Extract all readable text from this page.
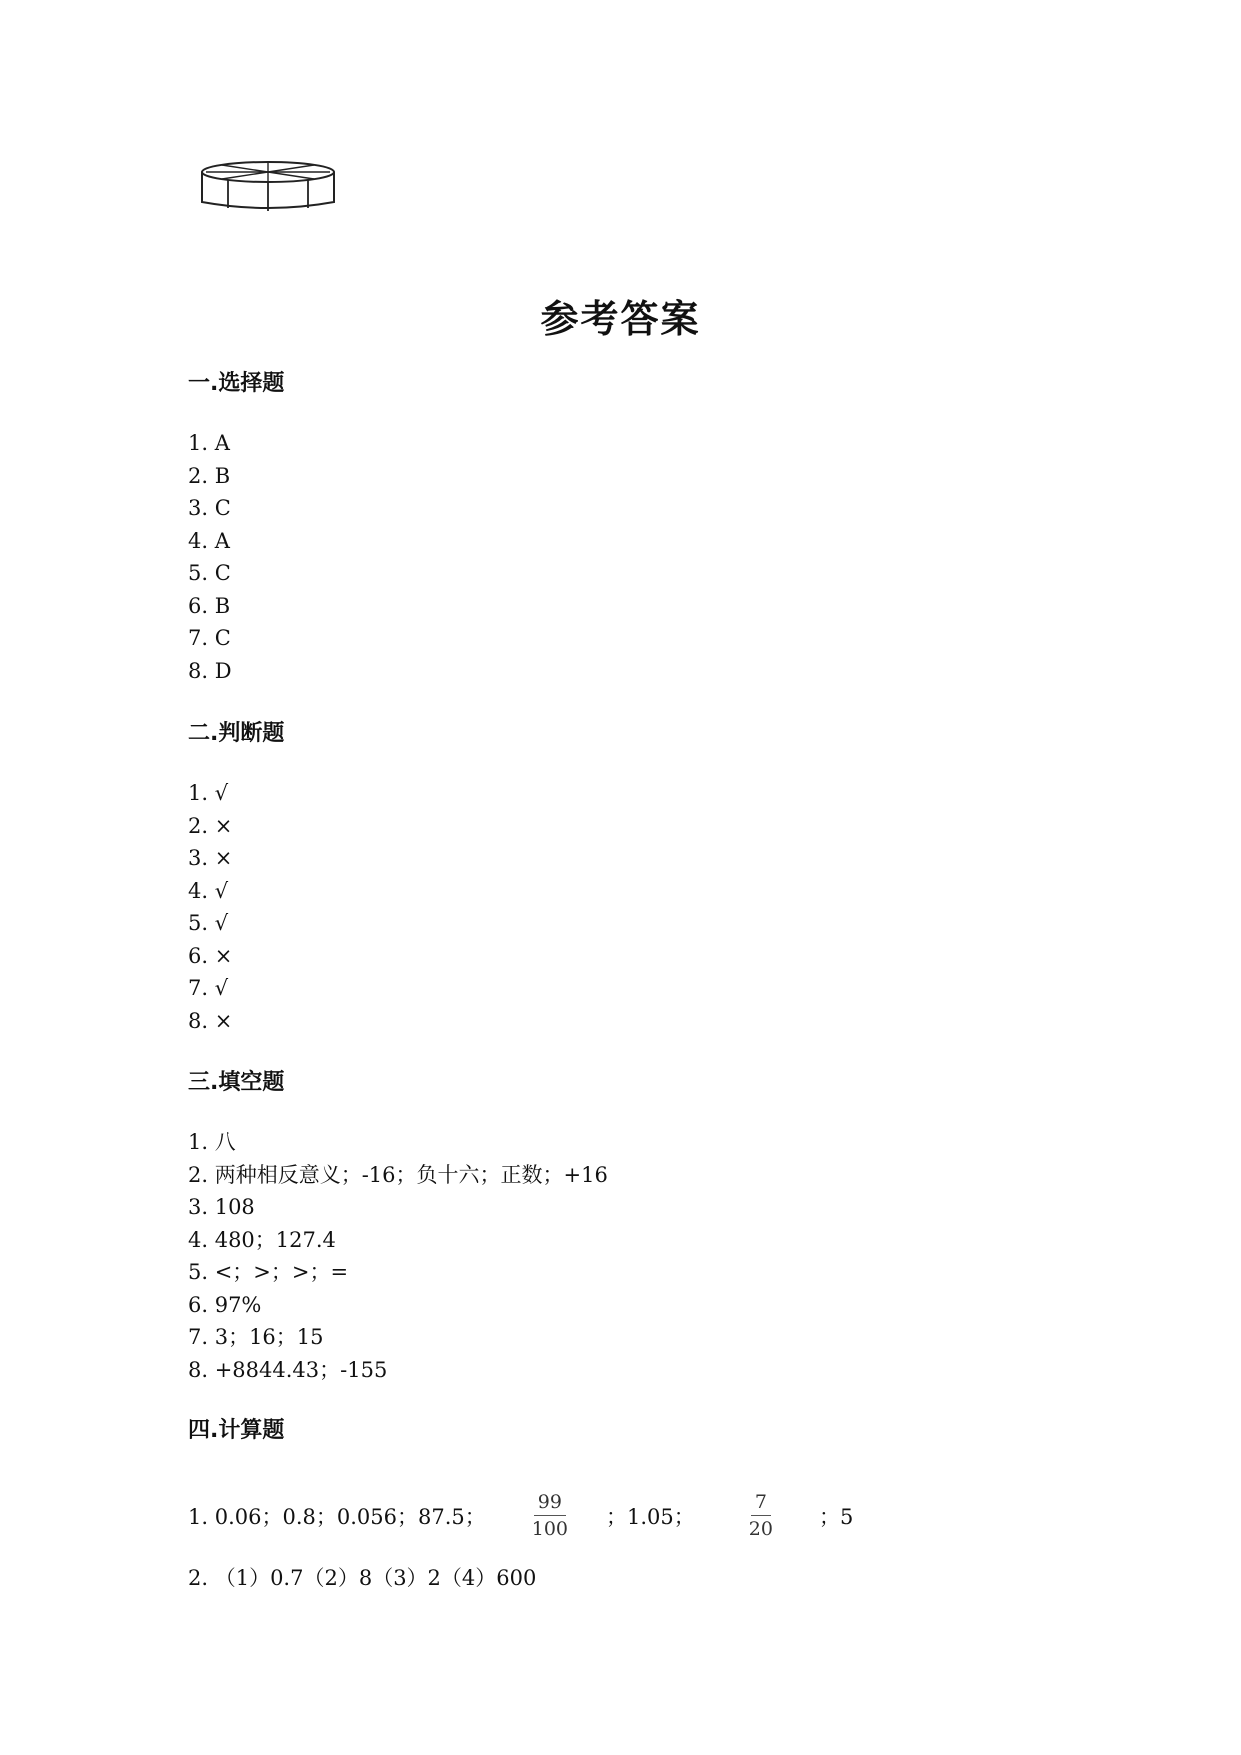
参考答案
一.选择题
1. A
2. B
3. C
4. A
5. C
6. B
7. C
8. D
二.判断题
1. √
2. ×
3. ×
4. √
5. √
6. ×
7. √
8. ×
三.填空题
1. 八
2. 两种相反意义；-16；负十六；正数；+16
3. 108
4. 480；127.4
5. <；>；>；=
6. 97%
7. 3；16；15
8. +8844.43；-155
四.计算题
1. 0.06；0.8；0.056；87.5； $\frac{99}{100}$ ；1.05；	$\frac{7}{20}$ ；5
2. （1）0.7（2）8（3）2（4）600
